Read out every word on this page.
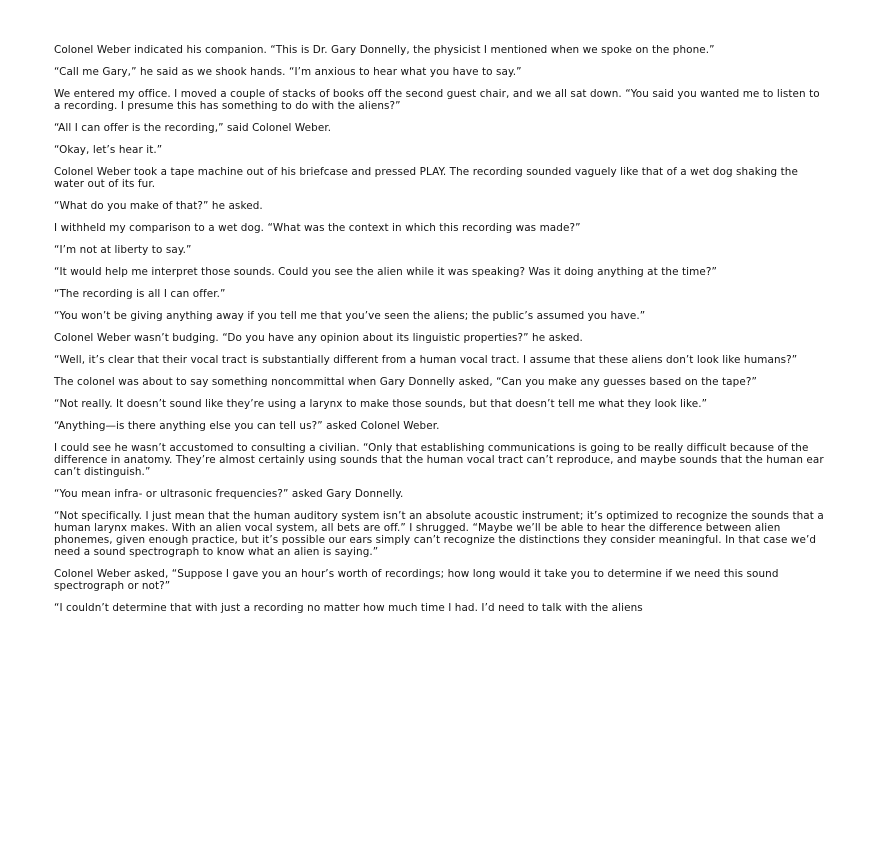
Colonel Weber indicated his companion. “This is Dr. Gary Donnelly, the physicist I mentioned when we spoke on the phone.”

“Call me Gary,” he said as we shook hands. “I’m anxious to hear what you have to say.”

We entered my office. I moved a couple of stacks of books off the second guest chair, and we all sat down. “You said you wanted me to listen to a recording. I presume this has something to do with the aliens?”

“All I can offer is the recording,” said Colonel Weber.

“Okay, let’s hear it.”

Colonel Weber took a tape machine out of his briefcase and pressed PLAY. The recording sounded vaguely like that of a wet dog shaking the water out of its fur.

“What do you make of that?” he asked.

I withheld my comparison to a wet dog. “What was the context in which this recording was made?”

“I’m not at liberty to say.”

“It would help me interpret those sounds. Could you see the alien while it was speaking? Was it doing anything at the time?”

“The recording is all I can offer.”

“You won’t be giving anything away if you tell me that you’ve seen the aliens; the public’s assumed you have.”

Colonel Weber wasn’t budging. “Do you have any opinion about its linguistic properties?” he asked.

“Well, it’s clear that their vocal tract is substantially different from a human vocal tract. I assume that these aliens don’t look like humans?”

The colonel was about to say something noncommittal when Gary Donnelly asked, “Can you make any guesses based on the tape?”

“Not really. It doesn’t sound like they’re using a larynx to make those sounds, but that doesn’t tell me what they look like.”

“Anything—is there anything else you can tell us?” asked Colonel Weber.

I could see he wasn’t accustomed to consulting a civilian. “Only that establishing communications is going to be really difficult because of the difference in anatomy. They’re almost certainly using sounds that the human vocal tract can’t reproduce, and maybe sounds that the human ear can’t distinguish.”

“You mean infra- or ultrasonic frequencies?” asked Gary Donnelly.

“Not specifically. I just mean that the human auditory system isn’t an absolute acoustic instrument; it’s optimized to recognize the sounds that a human larynx makes. With an alien vocal system, all bets are off.” I shrugged. “Maybe we’ll be able to hear the difference between alien phonemes, given enough practice, but it’s possible our ears simply can’t recognize the distinctions they consider meaningful. In that case we’d need a sound spectrograph to know what an alien is saying.”

Colonel Weber asked, “Suppose I gave you an hour’s worth of recordings; how long would it take you to determine if we need this sound spectrograph or not?”

“I couldn’t determine that with just a recording no matter how much time I had. I’d need to talk with the aliens
